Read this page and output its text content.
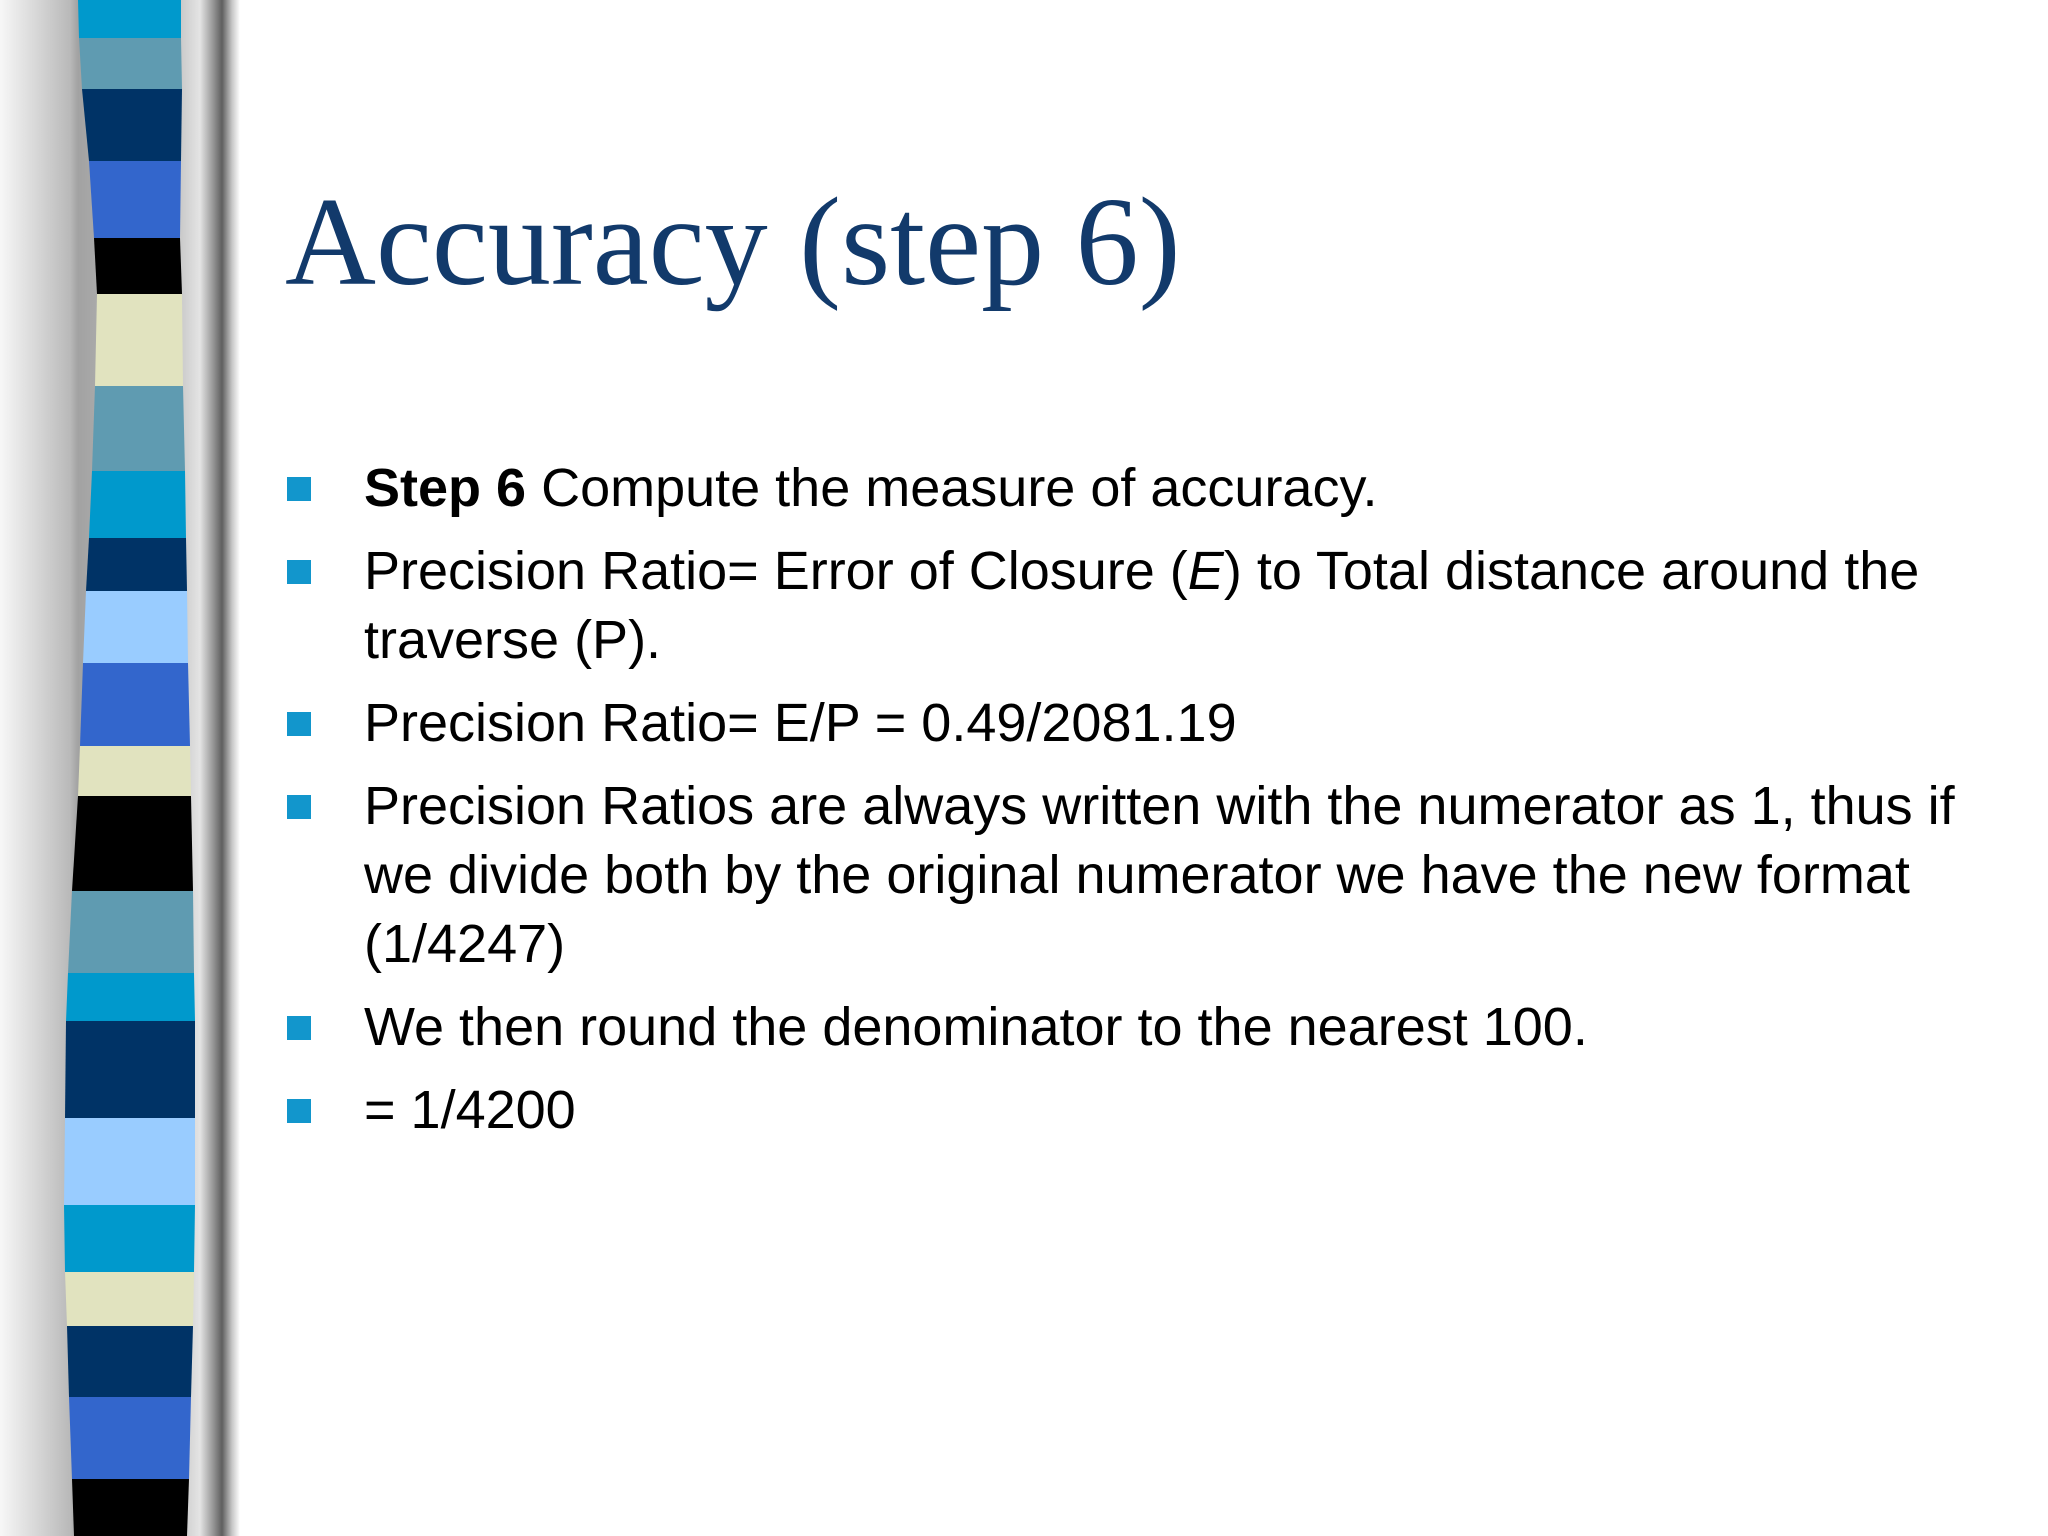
Accuracy (step 6)
Step 6 Compute the measure of accuracy.
Precision Ratio= Error of Closure (E) to Total distance around the traverse (P).
Precision Ratio= E/P = 0.49/2081.19
Precision Ratios are always written with the numerator as 1, thus if we divide both by the original numerator we have the new format (1/4247)
We then round the denominator to the nearest 100.
= 1/4200
